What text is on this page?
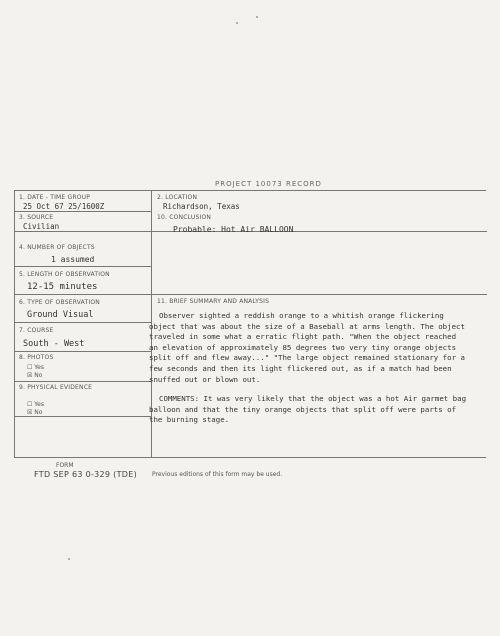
PROJECT 10073 RECORD
1. DATE - TIME GROUP
25 Oct 67 25/1600Z
2. LOCATION
Richardson, Texas
3. SOURCE
Civilian
10. CONCLUSION
Probable: Hot Air BALLOON
4. NUMBER OF OBJECTS
1 assumed
5. LENGTH OF OBSERVATION
12-15 minutes
11. BRIEF SUMMARY AND ANALYSIS
6. TYPE OF OBSERVATION
Ground Visual
7. COURSE
South - West
8. PHOTOS
☐ Yes
☒ No
9. PHYSICAL EVIDENCE
☐ Yes
☒ No

Observer sighted a reddish orange to a whitish orange flickering object that was about the size of a Baseball at arms length. The object traveled in some what a erratic flight path. "When the object reached an elevation of approximately 85 degrees two very tiny orange objects split off and flew away..." "The large object remained stationary for a few seconds and then its light flickered out, as if a match had been snuffed out or blown out.

COMMENTS: It was very likely that the object was a hot Air garmet bag balloon and that the tiny orange objects that split off were parts of the burning stage.

FORM
FTD SEP 63 0-329 (TDE) Previous editions of this form may be used.
